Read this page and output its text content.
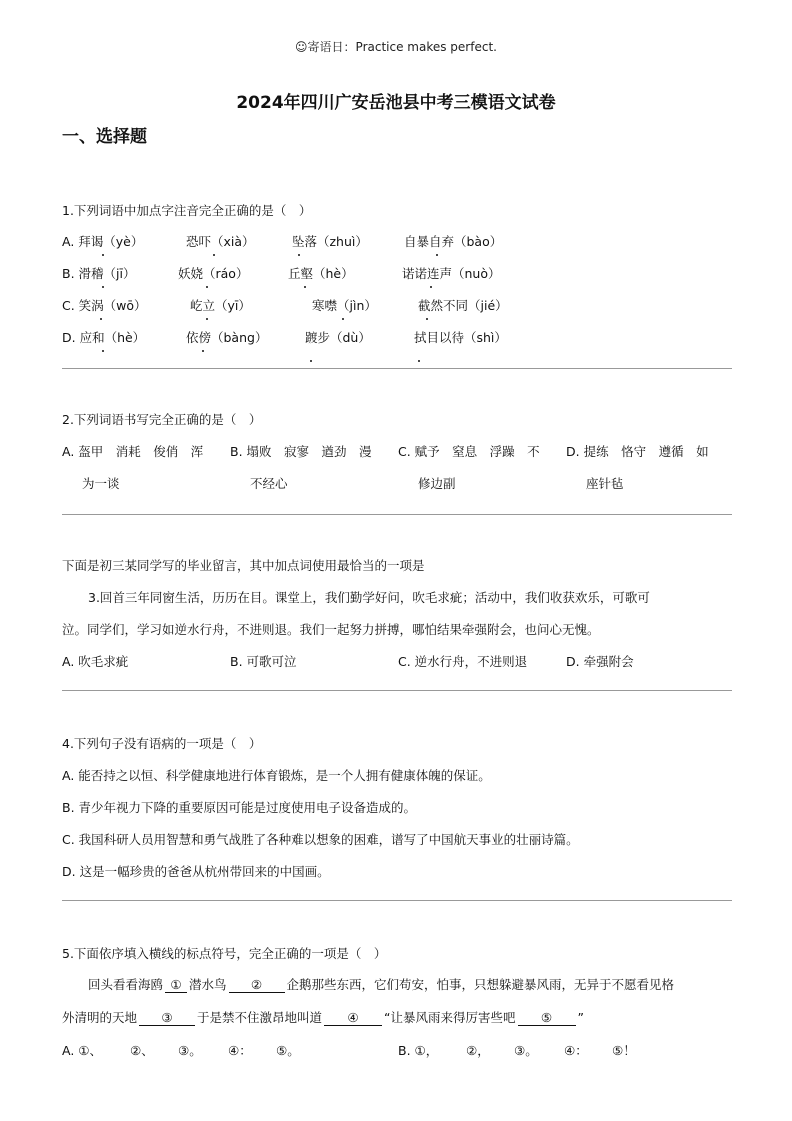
☺寄语日：Practice makes perfect.
2024年四川广安岳池县中考三模语文试卷
一、选择题
1.下列词语中加点字注音完全正确的是（　）
A. 拜谒（yè）	恐吓（xià）	坠落（zhuì）	自暴自弃（bào）
B. 滑稽（jī）	妖娆（ráo）	丘壑（hè）	诺诺连声（nuò）
C. 笑涡（wō）	屹立（yī）	寒噤（jìn）	截然不同（jié）
D. 应和（hè）	依傍（bàng）	踱步（dù）	拭目以待（shì）
2.下列词语书写完全正确的是（　）
A. 盔甲　消耗　俊俏　浑 B. 塌败　寂寥　遒劲　漫 C. 赋予　窒息　浮躁　不 D. 提练　恪守　遵循　如
为一谈	不经心	修边副	座针毡
下面是初三某同学写的毕业留言，其中加点词使用最恰当的一项是
3.回首三年同窗生活，历历在目。课堂上，我们勤学好问，吹毛求疵；活动中，我们收获欢乐，可歌可
泣。同学们，学习如逆水行舟，不进则退。我们一起努力拼搏，哪怕结果牵强附会，也问心无愧。
A. 吹毛求疵	B. 可歌可泣	C. 逆水行舟，不进则退	D. 牵强附会
4.下列句子没有语病的一项是（　）
A. 能否持之以恒、科学健康地进行体育锻炼，是一个人拥有健康体魄的保证。
B. 青少年视力下降的重要原因可能是过度使用电子设备造成的。
C. 我国科研人员用智慧和勇气战胜了各种难以想象的困难，谱写了中国航天事业的壮丽诗篇。
D. 这是一幅珍贵的爸爸从杭州带回来的中国画。
5.下面依序填入横线的标点符号，完全正确的一项是（　）
回头看看海鸥 ① 潜水鸟 ② 企鹅那些东西，它们苟安，怕事，只想躲避暴风雨，无异于不愿看见格
外清明的天地 ③ 于是禁不住激昂地叫道 ④ “让暴风雨来得厉害些吧 ⑤ ”
A. ①、 ②、 ③。 ④： ⑤。	B. ①， ②， ③。 ④： ⑤！
